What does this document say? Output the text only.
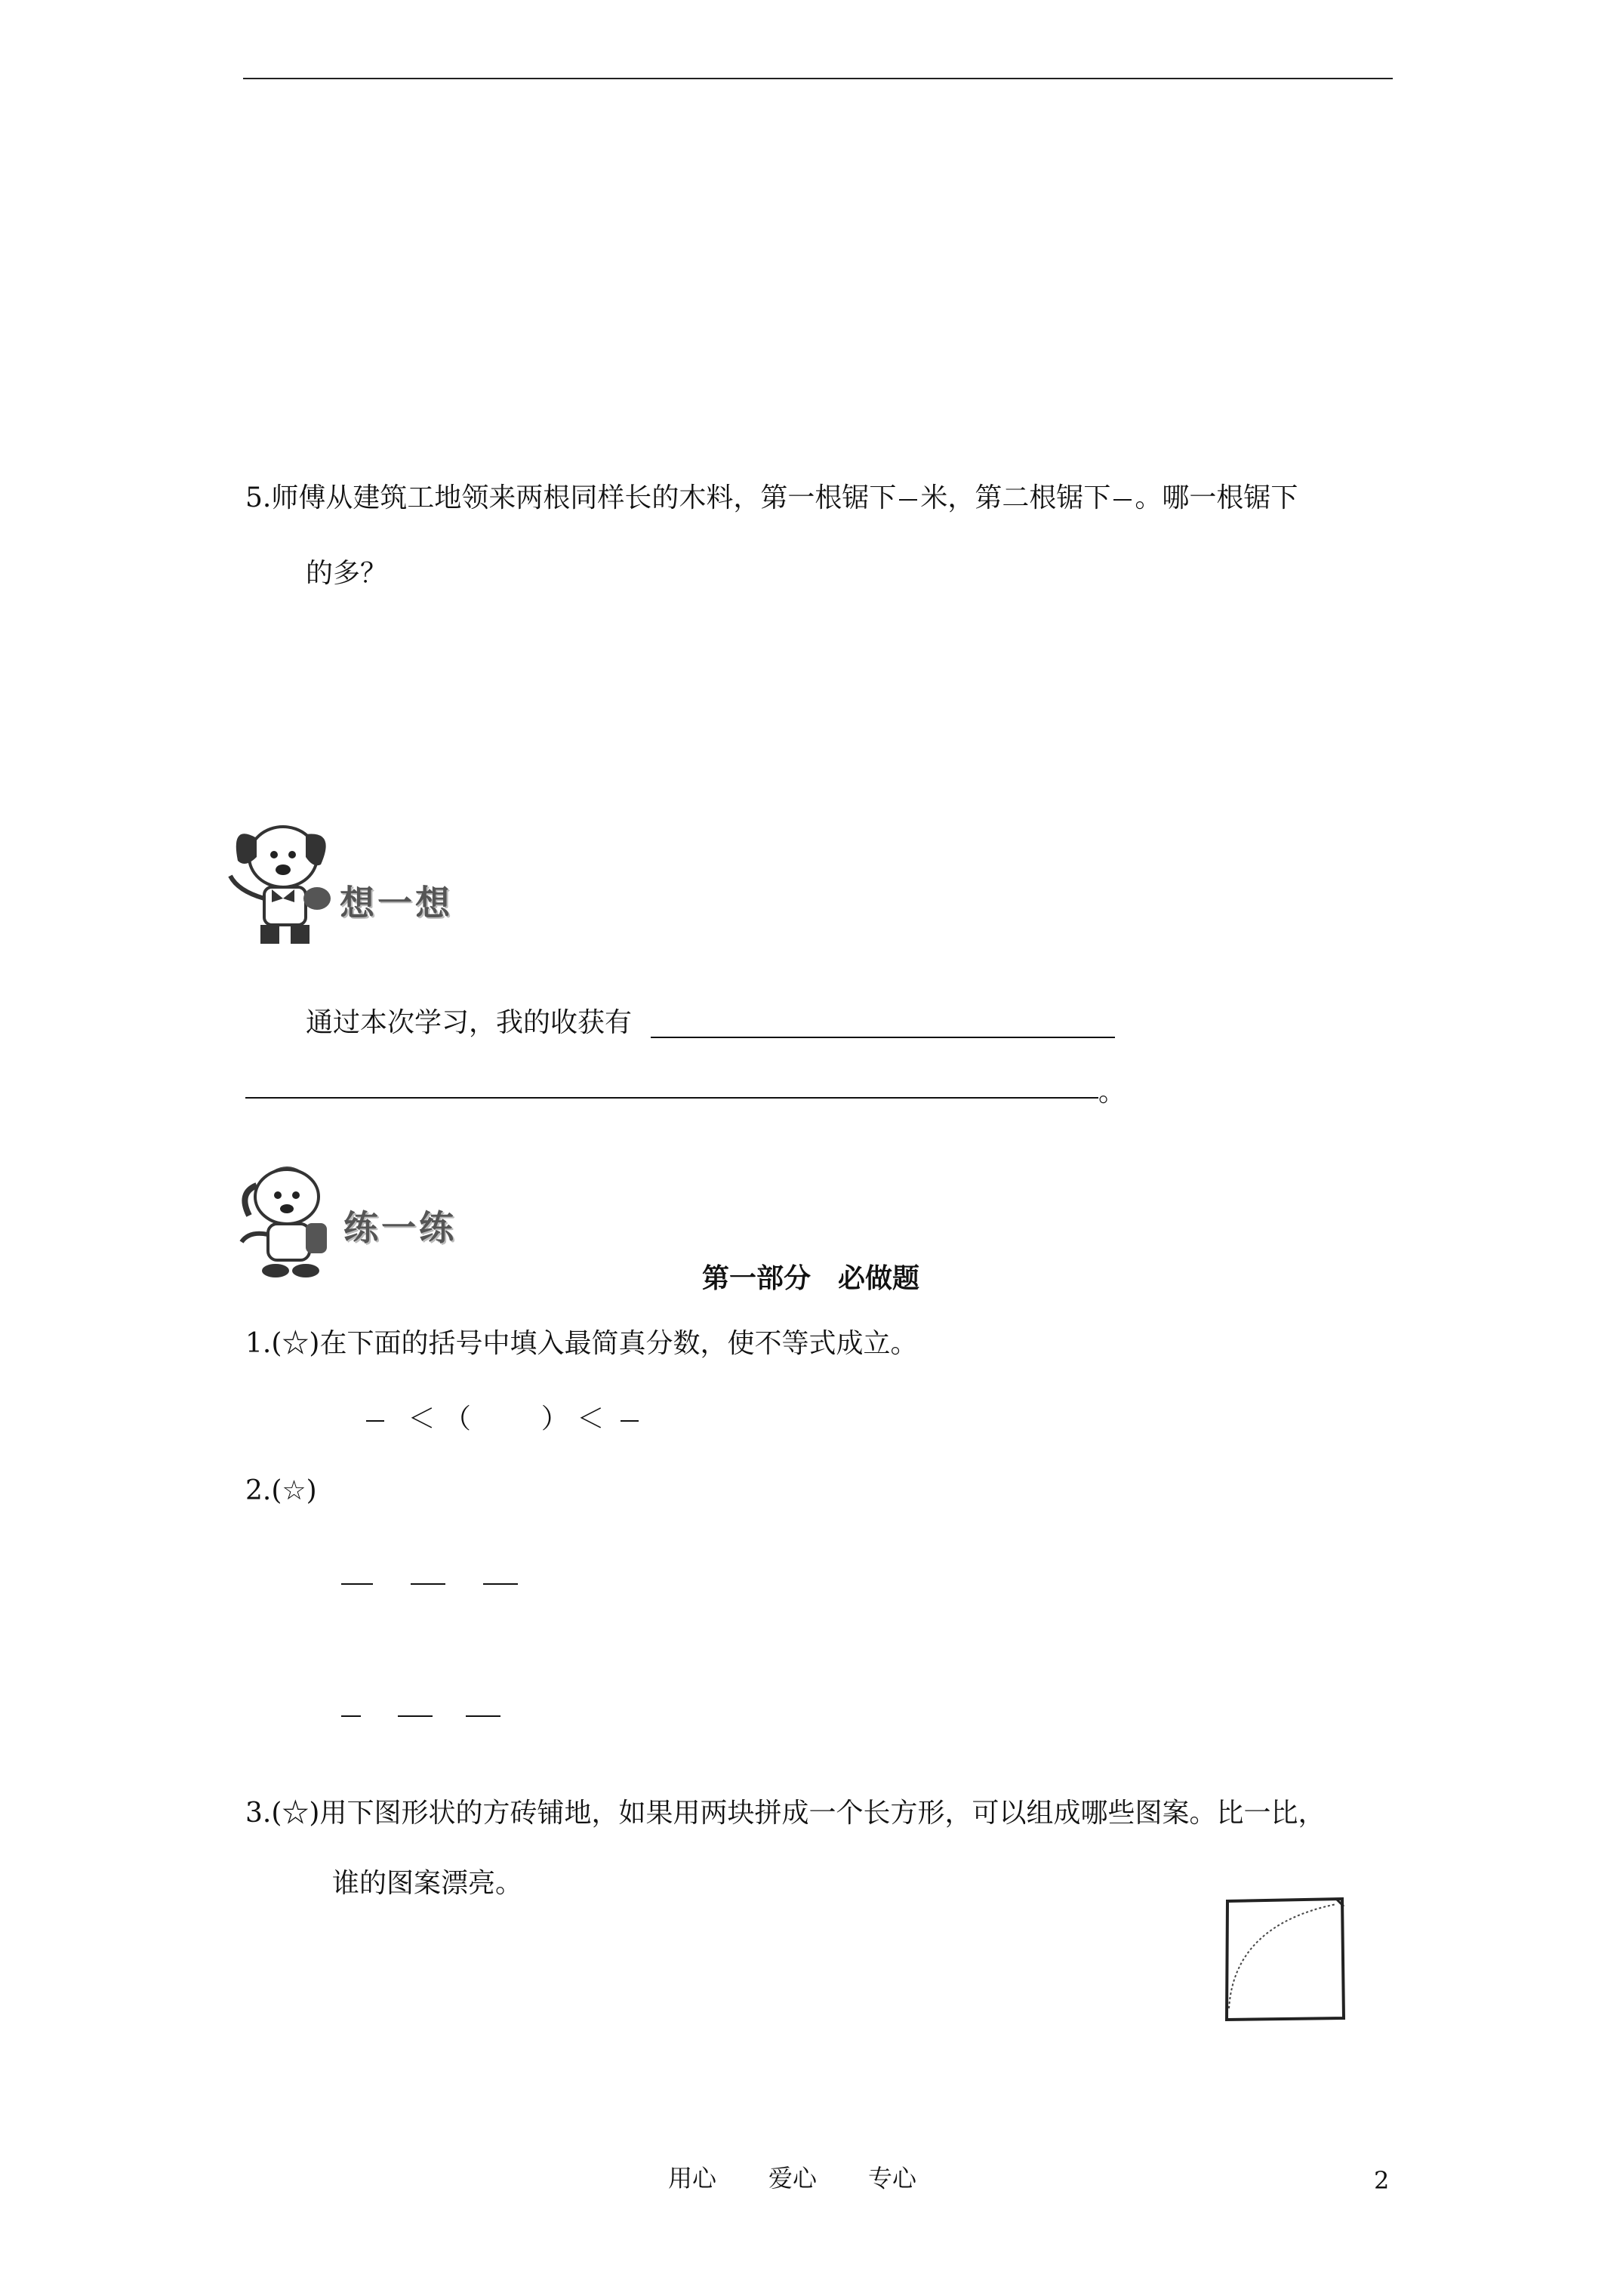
5.师傅从建筑工地领来两根同样长的木料，第一根锯下 米，第二根锯下 。哪一根锯下
的多？
想一想
通过本次学习，我的收获有
。
练一练
第一部分　必做题
1.(☆)在下面的括号中填入最简真分数，使不等式成立。
＜ （	） ＜
2.(☆)
3.(☆)用下图形状的方砖铺地，如果用两块拼成一个长方形，可以组成哪些图案。比一比，
谁的图案漂亮。
用心 爱心 专心	2
